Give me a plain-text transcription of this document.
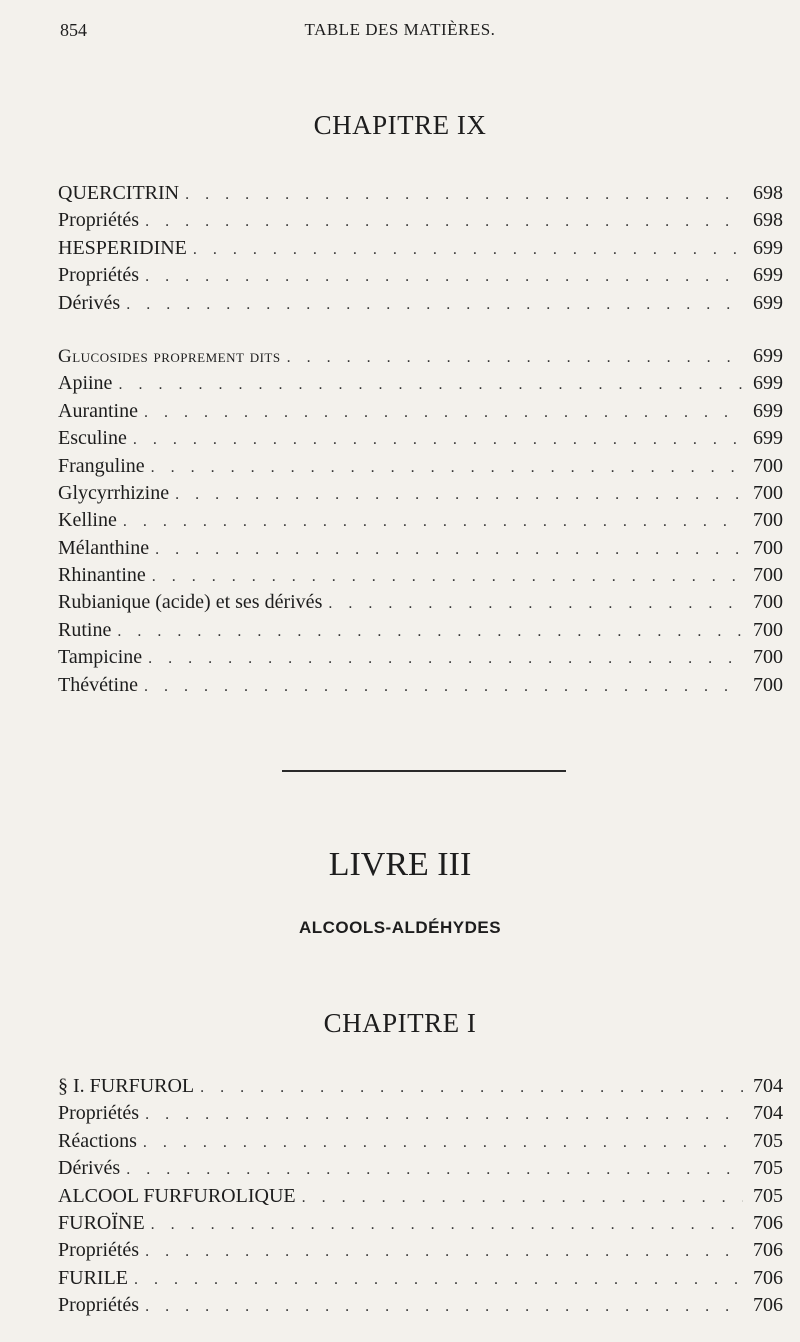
854	TABLE DES MATIÈRES.
CHAPITRE IX
QUERCITRIN . . .	698
Propriétés . . .	698
HESPERIDINE . . .	699
Propriétés . . .	699
Dérivés . . .	699
Glucosides proprement dits . . .	699
Apiine . . .	699
Aurantine . . .	699
Esculine . . .	699
Franguline . . .	700
Glycyrrhizine . . .	700
Kelline . . .	700
Mélanthine . . .	700
Rhinantine . . .	700
Rubianique (acide) et ses dérivés . . .	700
Rutine . . .	700
Tampicine . . .	700
Thévétine . . .	700
LIVRE III
ALCOOLS-ALDÉHYDES
CHAPITRE I
§ I. FURFUROL . . .	704
Propriétés . . .	704
Réactions . . .	705
Dérivés . . .	705
ALCOOL FURFUROLIQUE . . .	705
FUROÏNE . . .	706
Propriétés . . .	706
FURILE . . .	706
Propriétés . . .	706
